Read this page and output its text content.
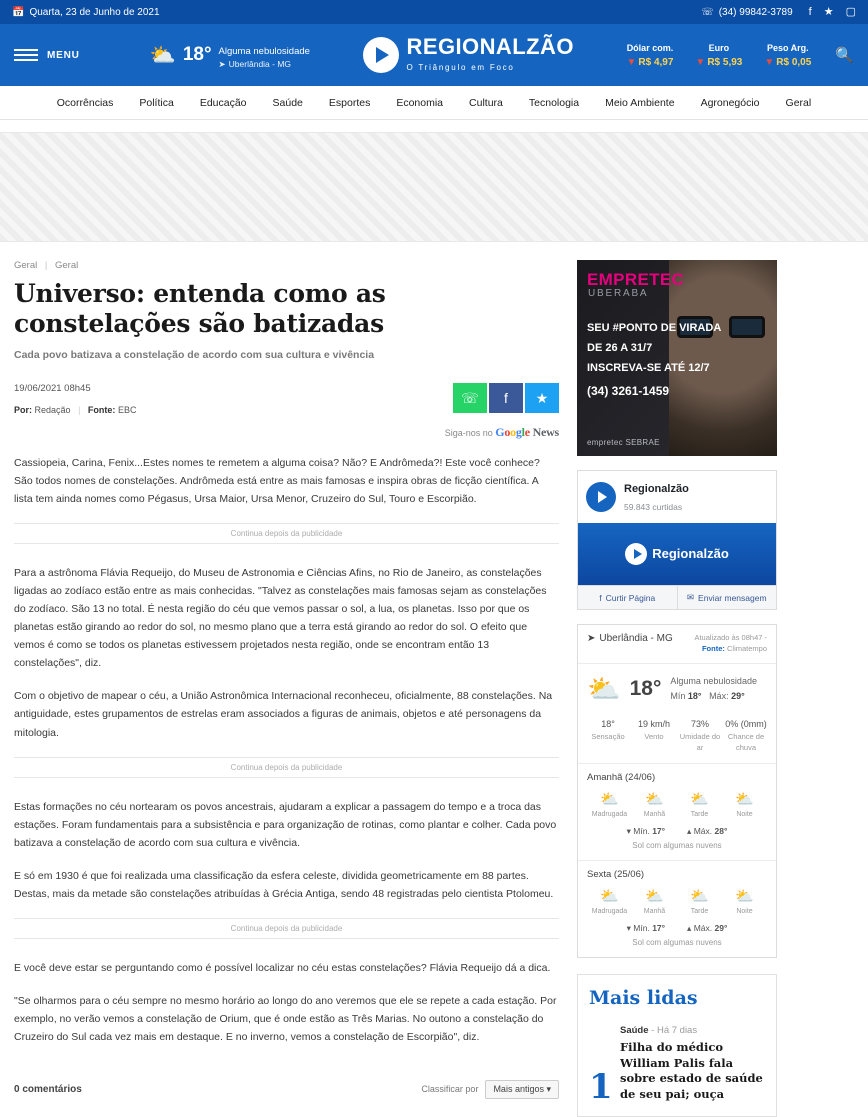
📅 Quarta, 23 de Junho de 2021	☏ (34) 99842-3789 f ★ ▢
MENU	⛅ 18° Alguma nebulosidade

➤ Uberlândia - MG
REGIONALZÃO
O Triângulo em Foco
Dólar com.
▼ R$ 4,97
Euro
▼ R$ 5,93
Peso Arg.
▼ R$ 0,05 🔍
Ocorrências Política Educação Saúde Esportes Economia Cultura Tecnologia Meio Ambiente Agronegócio Geral
Geral | Geral
Universo: entenda como as constelações são batizadas
Cada povo batizava a constelação de acordo com sua cultura e vivência
19/06/2021 08h45
Por: Redação | Fonte: EBC
☏ f ★
Siga-nos no Google News

Cassiopeia, Carina, Fenix...Estes nomes te remetem a alguma coisa? Não? E Andrômeda?! Este você conhece? São todos nomes de constelações. Andrômeda está entre as mais famosas e inspira obras de ficção científica. A lista tem ainda nomes como Pégasus, Ursa Maior, Ursa Menor, Cruzeiro do Sul, Touro e Escorpião.

Continua depois da publicidade

Para a astrônoma Flávia Requeijo, do Museu de Astronomia e Ciências Afins, no Rio de Janeiro, as constelações ligadas ao zodíaco estão entre as mais conhecidas. "Talvez as constelações mais famosas sejam as constelações do zodíaco. São 13 no total. É nesta região do céu que vemos passar o sol, a lua, os planetas. Isso por que os planetas estão girando ao redor do sol, no mesmo plano que a terra está girando ao redor do sol. O efeito que vemos é como se todos os planetas estivessem projetados nesta região, onde se encontram então 13 constelações", diz.

Com o objetivo de mapear o céu, a União Astronômica Internacional reconheceu, oficialmente, 88 constelações. Na antiguidade, estes grupamentos de estrelas eram associados a figuras de animais, objetos e até personagens da mitologia.

Continua depois da publicidade

Estas formações no céu nortearam os povos ancestrais, ajudaram a explicar a passagem do tempo e a troca das estações. Foram fundamentais para a subsistência e para organização de rotinas, como plantar e colher. Cada povo batizava a constelação de acordo com sua cultura e vivência.

E só em 1930 é que foi realizada uma classificação da esfera celeste, dividida geometricamente em 88 partes. Destas, mais da metade são constelações atribuídas à Grécia Antiga, sendo 48 registradas pelo cientista Ptolomeu.

Continua depois da publicidade

E você deve estar se perguntando como é possível localizar no céu estas constelações? Flávia Requeijo dá a dica.

"Se olharmos para o céu sempre no mesmo horário ao longo do ano veremos que ele se repete a cada estação. Por exemplo, no verão vemos a constelação de Orium, que é onde estão as Três Marias. No outono a constelação do Cruzeiro do Sul cada vez mais em destaque. E no inverno, vemos a constelação de Escorpião", diz.

0 comentários	Classificar por	Mais antigos ▾
EMPRETEC
UBERABA
SEU #PONTO DE VIRADA
DE 26 A 31/7
INSCREVA-SE ATÉ 12/7
(34) 3261-1459
empretec SEBRAE
Regionalzão
59.843 curtidas
Regionalzão
f Curtir Página	✉ Enviar mensagem
➤ Uberlândia - MG	Atualizado às 08h47 -
Fonte: Climatempo
⛅ 18° Alguma nebulosidade
Mín 18° Máx: 29°
18°
Sensação
19 km/h
Vento
73%
Umidade do ar
0% (0mm)
Chance de chuva
Amanhã (24/06)
⛅
Madrugada
⛅
Manhã
⛅
Tarde
⛅
Noite
▾ Mín. 17°	▴ Máx. 28°
Sol com algumas nuvens
Sexta (25/06)
⛅
Madrugada
⛅
Manhã
⛅
Tarde
⛅
Noite
▾ Mín. 17°	▴ Máx. 29°
Sol com algumas nuvens
Mais lidas
1
Saúde - Há 7 dias
Filha do médico William Palis fala sobre estado de saúde de seu pai; ouça
